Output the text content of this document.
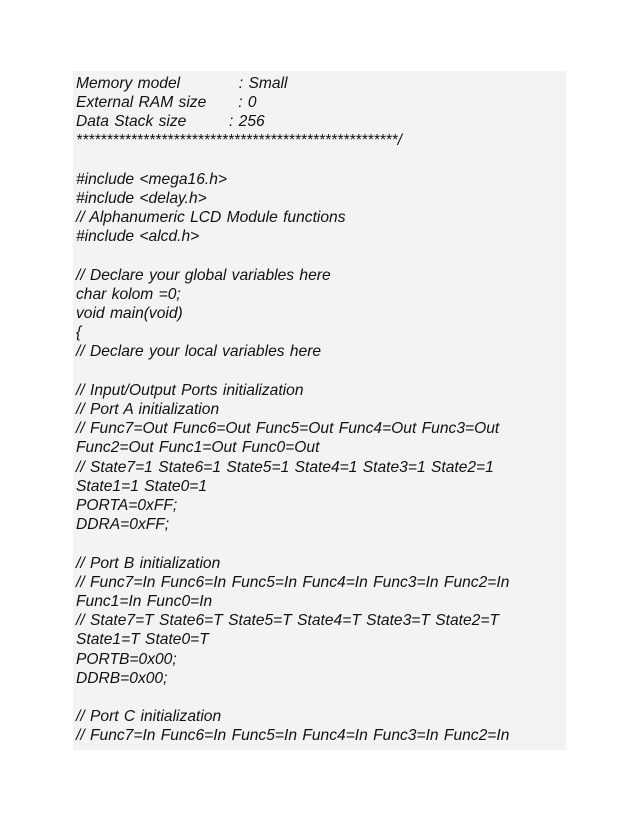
Memory model           : Small
External RAM size      : 0
Data Stack size        : 256
*****************************************************/
#include <mega16.h>
#include <delay.h>
// Alphanumeric LCD Module functions
#include <alcd.h>
// Declare your global variables here
char kolom =0;
void main(void)
{
// Declare your local variables here
// Input/Output Ports initialization
// Port A initialization
// Func7=Out Func6=Out Func5=Out Func4=Out Func3=Out
Func2=Out Func1=Out Func0=Out
// State7=1 State6=1 State5=1 State4=1 State3=1 State2=1
State1=1 State0=1
PORTA=0xFF;
DDRA=0xFF;
// Port B initialization
// Func7=In Func6=In Func5=In Func4=In Func3=In Func2=In
Func1=In Func0=In
// State7=T State6=T State5=T State4=T State3=T State2=T
State1=T State0=T
PORTB=0x00;
DDRB=0x00;
// Port C initialization
// Func7=In Func6=In Func5=In Func4=In Func3=In Func2=In
